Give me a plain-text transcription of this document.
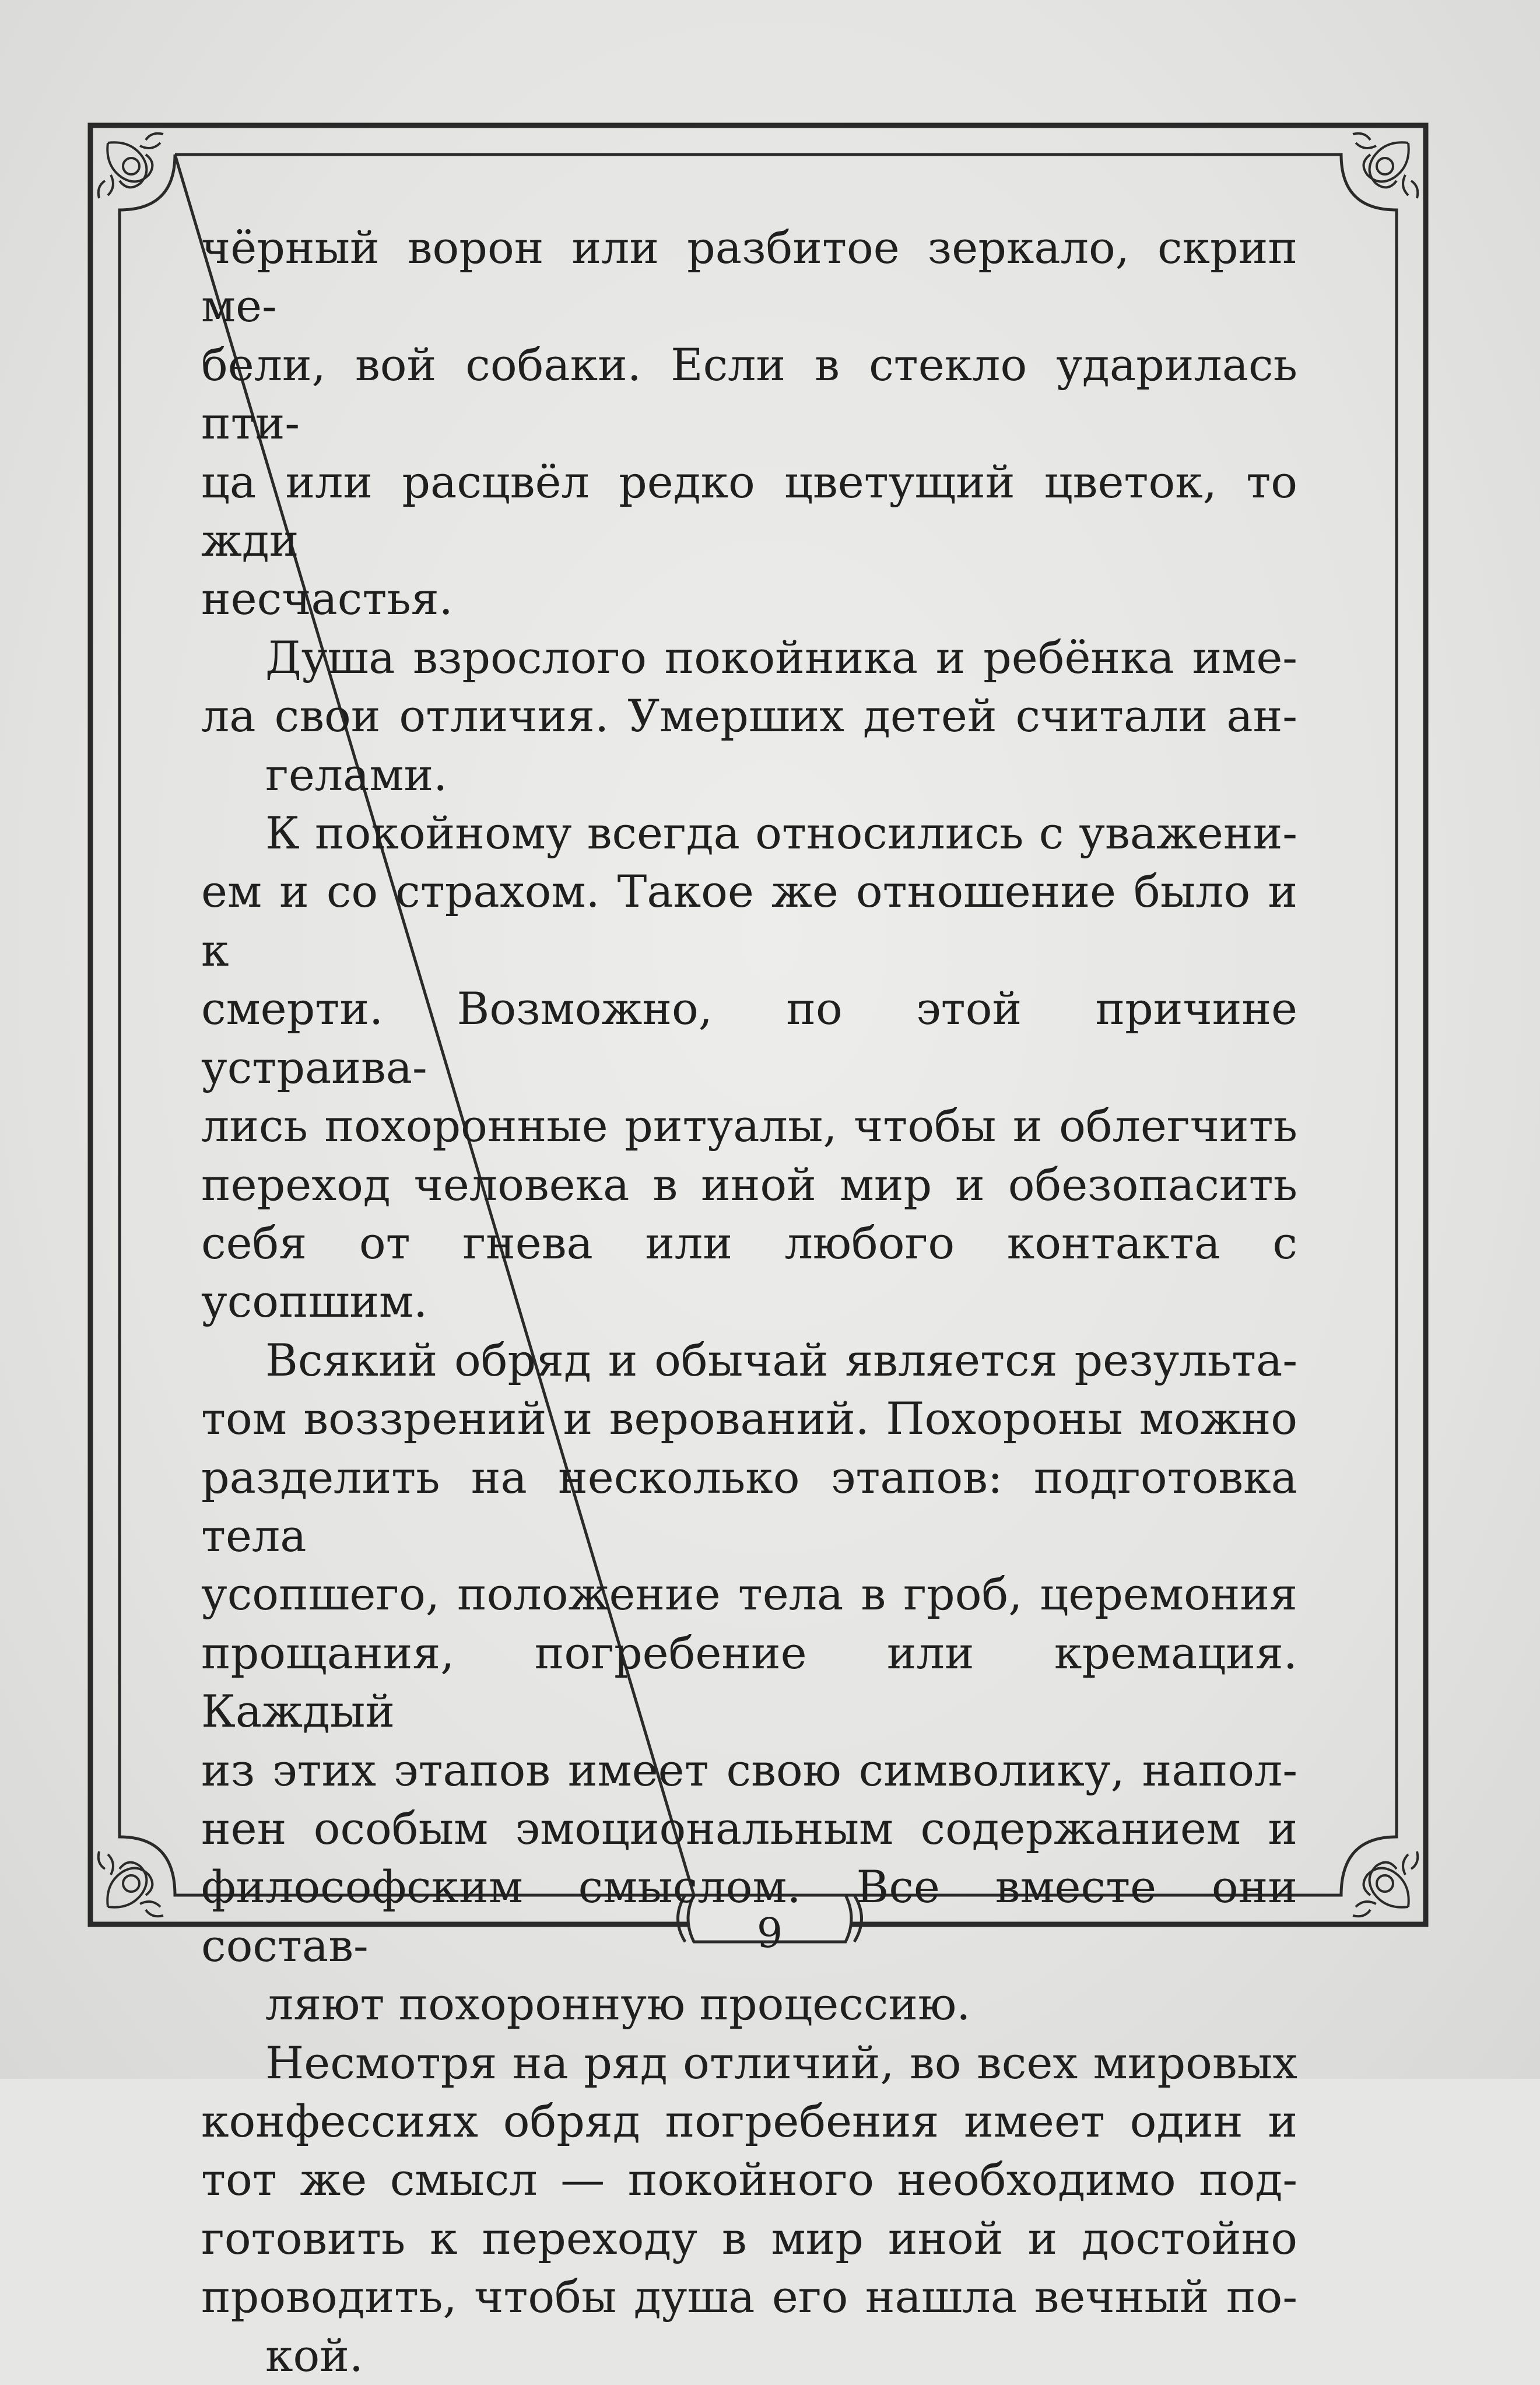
чёрный ворон или разбитое зеркало, скрип ме-
бели, вой собаки. Если в стекло ударилась пти-
ца или расцвёл редко цветущий цветок, то жди

несчастья.

Душа взрослого покойника и ребёнка име-
ла свои отличия. Умерших детей считали ан-

гелами.

К покойному всегда относились с уважени-
ем и со страхом. Такое же отношение было и к
смерти. Возможно, по этой причине устраива-
лись похоронные ритуалы, чтобы и облегчить
переход человека в иной мир и обезопасить
себя от гнева или любого контакта с усопшим.

Всякий обряд и обычай является результа-
том воззрений и верований. Похороны можно
разделить на несколько этапов: подготовка тела
усопшего, положение тела в гроб, церемония
прощания, погребение или кремация. Каждый
из этих этапов имеет свою символику, напол-
нен особым эмоциональным содержанием и
философским смыслом. Все вместе они состав-

ляют похоронную процессию.

Несмотря на ряд отличий, во всех мировых
конфессиях обряд погребения имеет один и
тот же смысл — покойного необходимо под-
готовить к переходу в мир иной и достойно
проводить, чтобы душа его нашла вечный по-

кой.

9
